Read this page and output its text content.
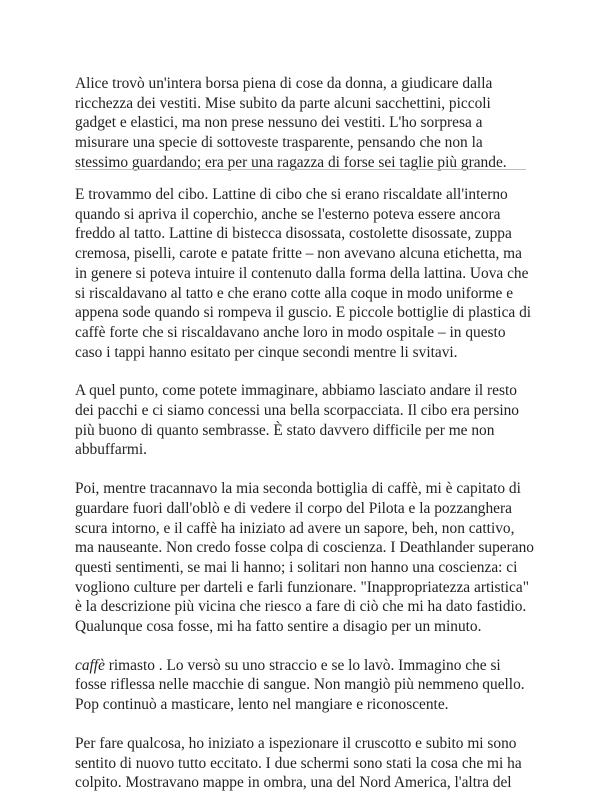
Alice trovò un'intera borsa piena di cose da donna, a giudicare dalla ricchezza dei vestiti. Mise subito da parte alcuni sacchettini, piccoli gadget e elastici, ma non prese nessuno dei vestiti. L'ho sorpresa a misurare una specie di sottoveste trasparente, pensando che non la stessimo guardando; era per una ragazza di forse sei taglie più grande.

E trovammo del cibo. Lattine di cibo che si erano riscaldate all'interno quando si apriva il coperchio, anche se l'esterno poteva essere ancora freddo al tatto. Lattine di bistecca disossata, costolette disossate, zuppa cremosa, piselli, carote e patate fritte – non avevano alcuna etichetta, ma in genere si poteva intuire il contenuto dalla forma della lattina. Uova che si riscaldavano al tatto e che erano cotte alla coque in modo uniforme e appena sode quando si rompeva il guscio. E piccole bottiglie di plastica di caffè forte che si riscaldavano anche loro in modo ospitale – in questo caso i tappi hanno esitato per cinque secondi mentre li svitavi.

A quel punto, come potete immaginare, abbiamo lasciato andare il resto dei pacchi e ci siamo concessi una bella scorpacciata. Il cibo era persino più buono di quanto sembrasse. È stato davvero difficile per me non abbuffarmi.

Poi, mentre tracannavo la mia seconda bottiglia di caffè, mi è capitato di guardare fuori dall'oblò e di vedere il corpo del Pilota e la pozzanghera scura intorno, e il caffè ha iniziato ad avere un sapore, beh, non cattivo, ma nauseante. Non credo fosse colpa di coscienza. I Deathlander superano questi sentimenti, se mai li hanno; i solitari non hanno una coscienza: ci vogliono culture per darteli e farli funzionare. "Inappropriatezza artistica" è la descrizione più vicina che riesco a fare di ciò che mi ha dato fastidio. Qualunque cosa fosse, mi ha fatto sentire a disagio per un minuto.

caffè rimasto . Lo versò su uno straccio e se lo lavò. Immagino che si fosse riflessa nelle macchie di sangue. Non mangiò più nemmeno quello. Pop continuò a masticare, lento nel mangiare e riconoscente.

Per fare qualcosa, ho iniziato a ispezionare il cruscotto e subito mi sono sentito di nuovo tutto eccitato. I due schermi sono stati la cosa che mi ha colpito. Mostravano mappe in ombra, una del Nord America, l'altra del
